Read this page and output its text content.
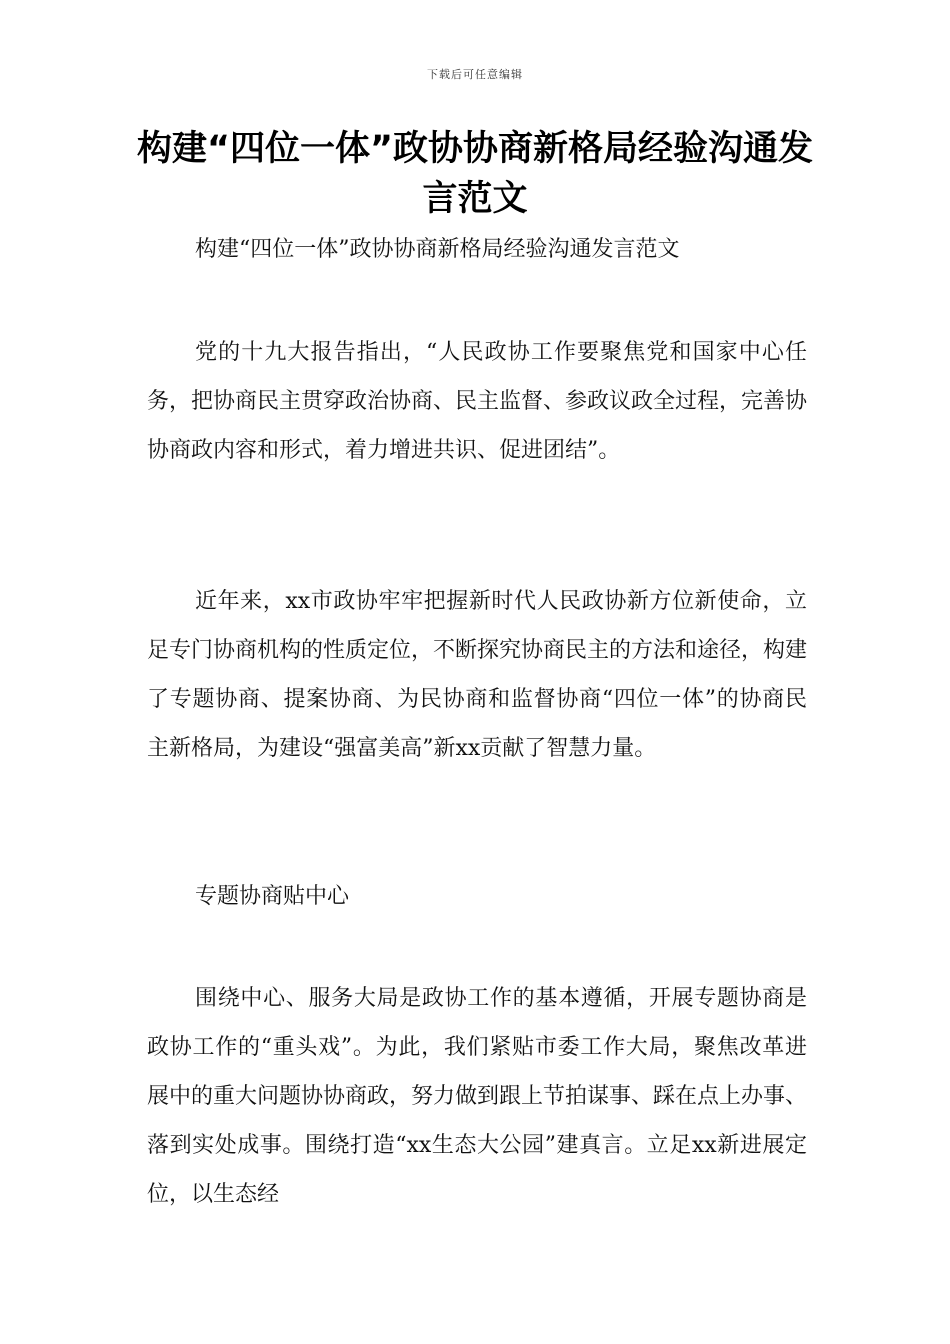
下载后可任意编辑
构建“四位一体”政协协商新格局经验沟通发言范文

构建“四位一体”政协协商新格局经验沟通发言范文

党的十九大报告指出，“人民政协工作要聚焦党和国家中心任务，把协商民主贯穿政治协商、民主监督、参政议政全过程，完善协协商政内容和形式，着力增进共识、促进团结”。

近年来，xx市政协牢牢把握新时代人民政协新方位新使命，立足专门协商机构的性质定位，不断探究协商民主的方法和途径，构建了专题协商、提案协商、为民协商和监督协商“四位一体”的协商民主新格局，为建设“强富美高”新xx贡献了智慧力量。

专题协商贴中心

围绕中心、服务大局是政协工作的基本遵循，开展专题协商是政协工作的“重头戏”。为此，我们紧贴市委工作大局，聚焦改革进展中的重大问题协协商政，努力做到跟上节拍谋事、踩在点上办事、落到实处成事。围绕打造“xx生态大公园”建真言。立足xx新进展定位，以生态经
